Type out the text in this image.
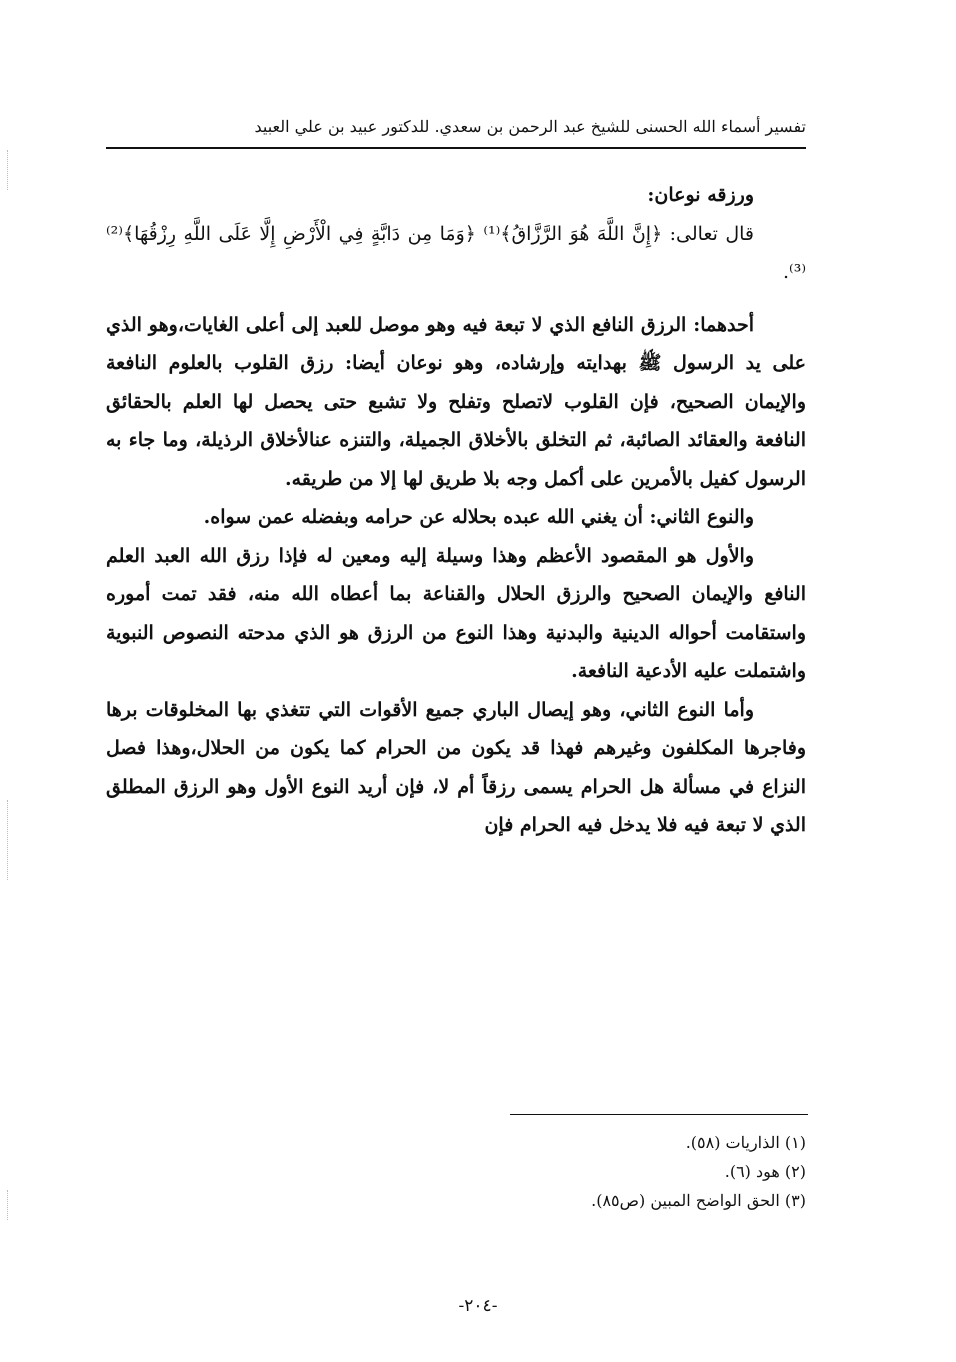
تفسير أسماء الله الحسنى للشيخ عبد الرحمن بن سعدي. للدكتور عبيد بن علي العبيد

ورزقه نوعان:

قال تعالى: ﴿إِنَّ اللَّهَ هُوَ الرَّزَّاقُ﴾⁽¹⁾ ﴿وَمَا مِن دَابَّةٍ فِي الْأَرْضِ إِلَّا عَلَى اللَّهِ رِزْقُهَا﴾⁽²⁾ ⁽³⁾.

أحدهما: الرزق النافع الذي لا تبعة فيه وهو موصل للعبد إلى أعلى الغايات،وهو الذي على يد الرسول ﷺ بهدايته وإرشاده، وهو نوعان أيضا: رزق القلوب بالعلوم النافعة والإيمان الصحيح، فإن القلوب لاتصلح وتفلح ولا تشبع حتى يحصل لها العلم بالحقائق النافعة والعقائد الصائبة، ثم التخلق بالأخلاق الجميلة، والتنزه عنالأخلاق الرذيلة، وما جاء به الرسول كفيل بالأمرين على أكمل وجه بلا طريق لها إلا من طريقه.

والنوع الثاني: أن يغني الله عبده بحلاله عن حرامه وبفضله عمن سواه.

والأول هو المقصود الأعظم وهذا وسيلة إليه ومعين له فإذا رزق الله العبد العلم النافع والإيمان الصحيح والرزق الحلال والقناعة بما أعطاه الله منه، فقد تمت أموره واستقامت أحواله الدينية والبدنية وهذا النوع من الرزق هو الذي مدحته النصوص النبوية واشتملت عليه الأدعية النافعة.

وأما النوع الثاني، وهو إيصال الباري جميع الأقوات التي تتغذي بها المخلوقات برها وفاجرها المكلفون وغيرهم فهذا قد يكون من الحرام كما يكون من الحلال،وهذا فصل النزاع في مسألة هل الحرام يسمى رزقاً أم لا، فإن أريد النوع الأول وهو الرزق المطلق الذي لا تبعة فيه فلا يدخل فيه الحرام فإن

(١) الذاريات (٥٨).
(٢) هود (٦).
(٣) الحق الواضح المبين (ص٨٥).
-٢٠٤-
